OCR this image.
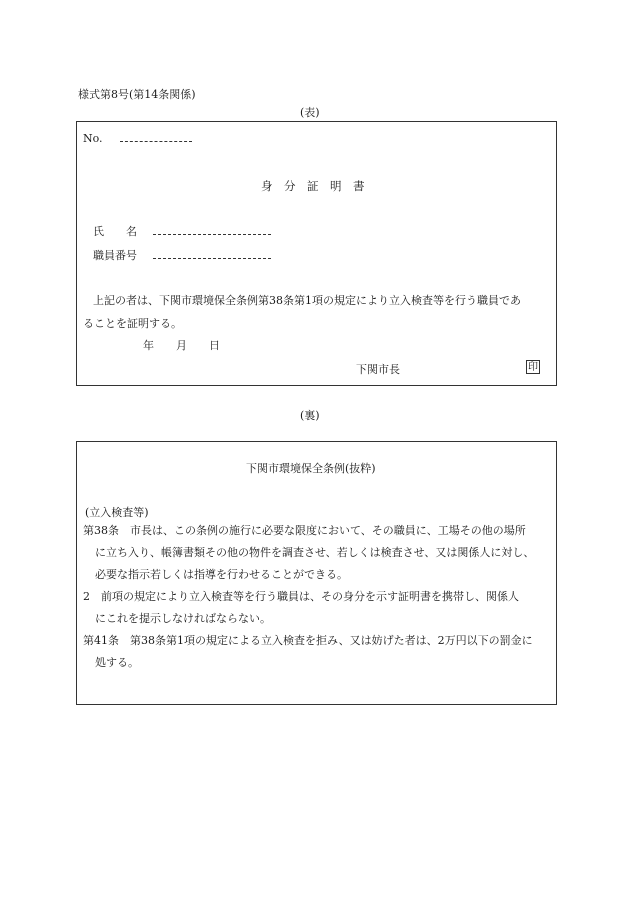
様式第8号(第14条関係)
(表)
No.
身　分　証　明　書
氏　　名
職員番号
上記の者は、下関市環境保全条例第38条第1項の規定により立入検査等を行う職員であ
ることを証明する。
年　　月　　日
下関市長	印
(裏)
下関市環境保全条例(抜粋)
(立入検査等)
第38条　市長は、この条例の施行に必要な限度において、その職員に、工場その他の場所
に立ち入り、帳簿書類その他の物件を調査させ、若しくは検査させ、又は関係人に対し、
必要な指示若しくは指導を行わせることができる。
2　前項の規定により立入検査等を行う職員は、その身分を示す証明書を携帯し、関係人
にこれを提示しなければならない。
第41条　第38条第1項の規定による立入検査を拒み、又は妨げた者は、2万円以下の罰金に
処する。
